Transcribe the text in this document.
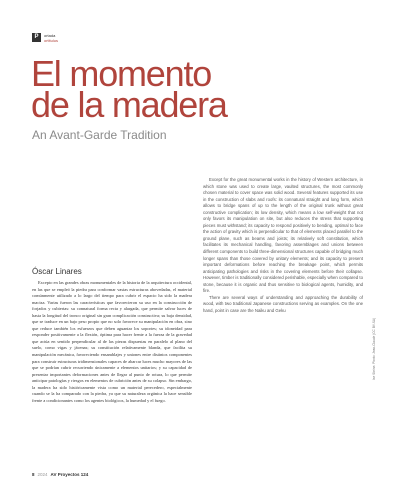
P	ortada
ortitulus
El momento
de la madera
An Avant-Garde Tradition
Óscar Linares

Excepto en las grandes obras monumentales de la historia de la arquitectura occidental, en las que se empleó la piedra para conformar vastas estructuras abovedadas, el material comúnmente utilizado a lo largo del tiempo para cubrir el espacio ha sido la madera maciza. Varias fueron las características que favorecieron su uso en la construcción de forjados y cubiertas: su connatural forma recta y alargada, que permite salvar luces de hasta la longitud del tronco original sin gran complicación constructiva; su baja densidad, que se traduce en un bajo peso propio que no solo favorece su manipulación en obra, sino que reduce también los esfuerzos que deben aguantar los soportes; su idoneidad para responder positivamente a la flexión, óptima para hacer frente a la fuerza de la gravedad que actúa en sentido perpendicular al de las piezas dispuestas en paralelo al plano del suelo, como vigas y jácenas; su constitución relativamente blanda, que facilita su manipulación mecánica, favoreciendo ensamblajes y uniones entre distintos componentes para construir estructuras tridimensionales capaces de abarcar luces mucho mayores de las que se podrían cubrir recurriendo únicamente a elementos unitarios; y su capacidad de presentar importantes deformaciones antes de llegar al punto de rotura, lo que permite anticipar patologías y riesgos en elementos de cubrición antes de su colapso. Sin embargo, la madera ha sido históricamente vista como un material perecedero, especialmente cuando se la ha comparado con la piedra, ya que su naturaleza orgánica la hace sensible frente a condicionantes como los agentes biológicos, la humedad y el fuego.

Except for the great monumental works in the history of Western architecture, in which stone was used to create large, vaulted structures, the most commonly chosen material to cover space was solid wood. Several features supported its use in the construction of slabs and roofs: its connatural straight and long form, which allows to bridge spans of up to the length of the original trunk without great constructive complication; its low density, which means a low self-weight that not only favors its manipulation on site, but also reduces the stress that supporting pieces must withstand; its capacity to respond positively to bending, optimal to face the action of gravity which is perpendicular to that of elements placed parallel to the ground plane, such as beams and joists; its relatively soft constitution, which facilitates its mechanical handling, favoring assemblages and unions between different components to build three-dimensional structures capable of bridging much longer spans than those covered by unitary elements; and its capacity to present important deformations before reaching the breakage point, which permits anticipating pathologies and risks in the covering elements before their collapse. However, timber is traditionally considered perishable, especially when compared to stone, because it is organic and thus sensitive to biological agents, humidity, and fire.

There are several ways of understanding and approaching the durability of wood, with two traditional Japanese constructions serving as examples. On the one hand, point in case are the Naiku and Geku

Ise Shrine. Photo: Jean-Claude (CC BY-SA)
8 2024 AV Proyectos 124
